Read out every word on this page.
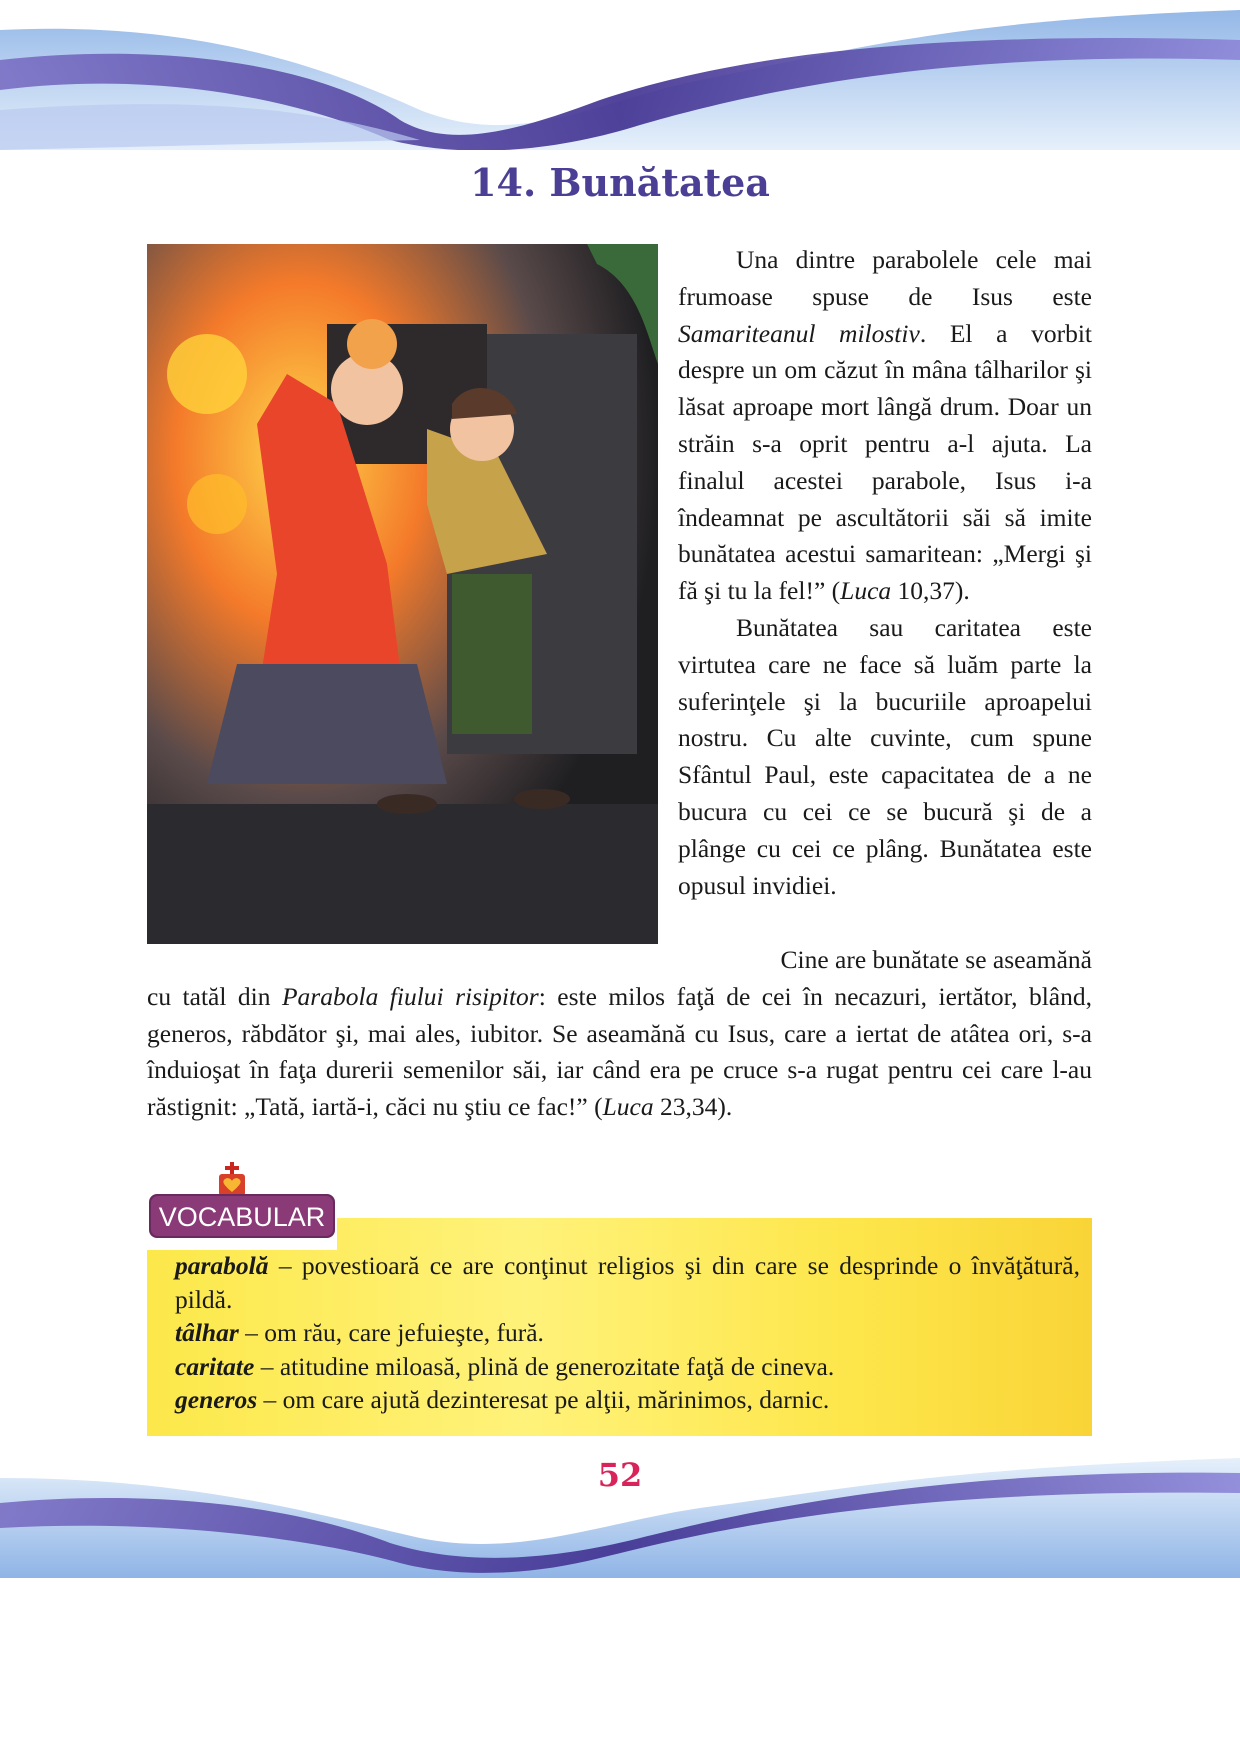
14. Bunătatea

Una dintre parabolele cele mai frumoase spuse de Isus este Samariteanul milostiv. El a vorbit despre un om căzut în mâna tâlharilor şi lăsat aproape mort lângă drum. Doar un străin s-a oprit pentru a-l ajuta. La finalul acestei parabole, Isus i-a îndeamnat pe ascultătorii săi să imite bunătatea acestui samaritean: „Mergi şi fă şi tu la fel!” (Luca 10,37).

Bunătatea sau caritatea este virtutea care ne face să luăm parte la suferinţele şi la bucuriile aproapelui nostru. Cu alte cuvinte, cum spune Sfântul Paul, este capacitatea de a ne bucura cu cei ce se bucură şi de a plânge cu cei ce plâng. Bunătatea este opusul invidiei.

Cine are bunătate se aseamănă

cu tatăl din Parabola fiului risipitor: este milos faţă de cei în necazuri, iertător, blând, generos, răbdător şi, mai ales, iubitor. Se aseamănă cu Isus, care a iertat de atâtea ori, s-a înduioşat în faţa durerii semenilor săi, iar când era pe cruce s-a rugat pentru cei care l-au răstignit: „Tată, iartă-i, căci nu ştiu ce fac!” (Luca 23,34).

VOCABULAR

parabolă – povestioară ce are conţinut religios şi din care se desprinde o învăţătură, pildă.

tâlhar – om rău, care jefuieşte, fură.

caritate – atitudine miloasă, plină de generozitate faţă de cineva.

generos – om care ajută dezinteresat pe alţii, mărinimos, darnic.

52
